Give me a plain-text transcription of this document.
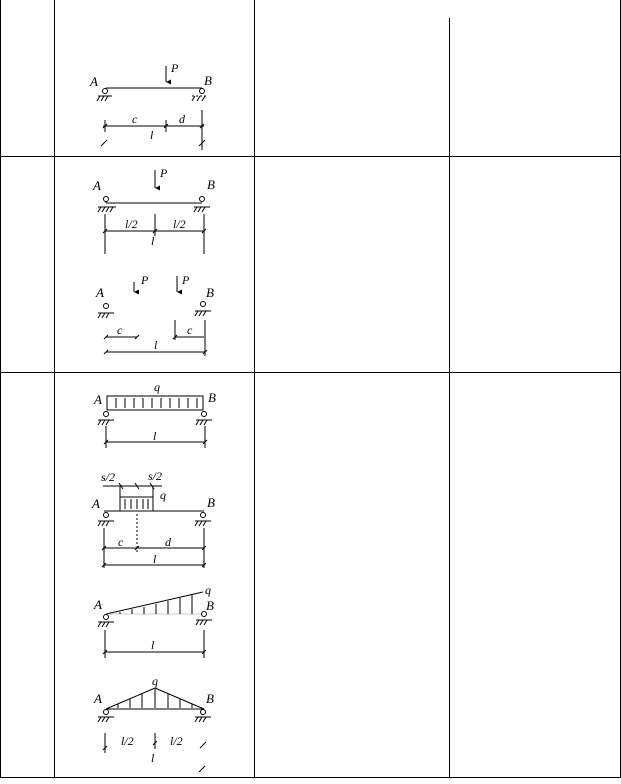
A	B
P
c	d
l
A	B
P
l/2	l/2
l
A	B
P	P
c	c
l
A	B
q
l
s/2	s/2
q
A	B
c	d
l
A	B
q
l
q
A	B
l/2	l/2
l
